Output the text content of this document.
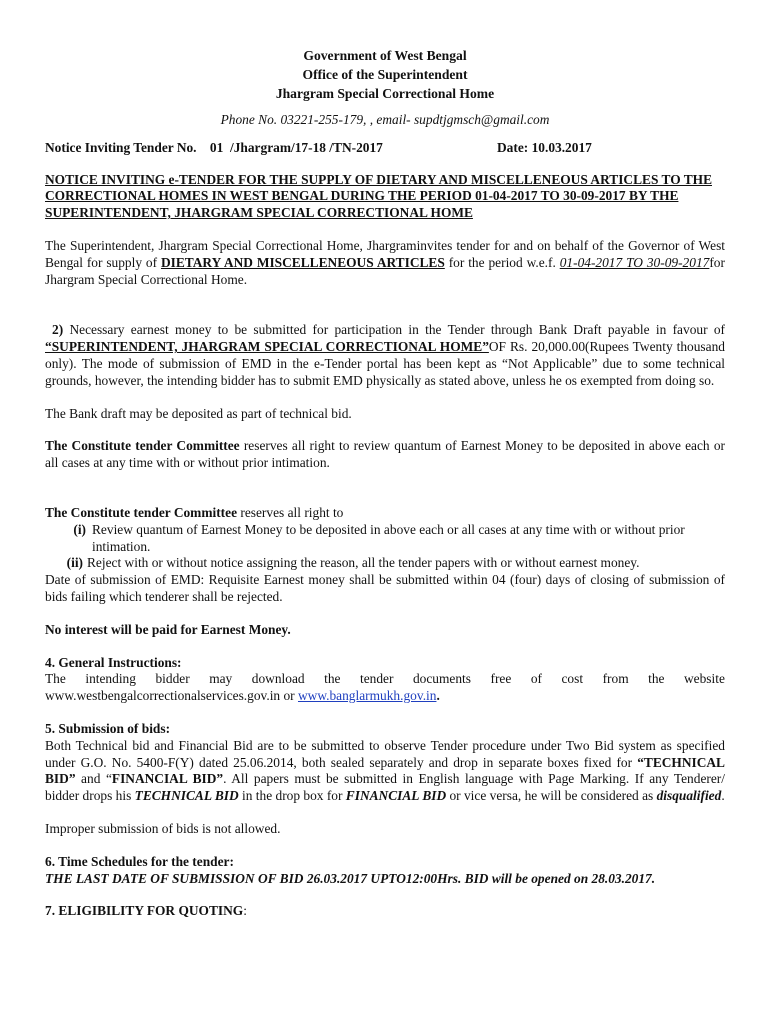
Government of West Bengal

Office of the Superintendent

Jhargram Special Correctional Home

Phone No. 03221-255-179, , email- supdtjgmsch@gmail.com

Notice Inviting Tender No.    01  /Jhargram/17-18 /TN-2017	Date: 10.03.2017

NOTICE INVITING e-TENDER FOR THE SUPPLY OF DIETARY AND MISCELLENEOUS ARTICLES TO THE CORRECTIONAL HOMES IN WEST BENGAL DURING THE PERIOD 01-04-2017 TO 30-09-2017 BY THE SUPERINTENDENT, JHARGRAM SPECIAL CORRECTIONAL HOME

The Superintendent, Jhargram Special Correctional Home, Jhargraminvites tender for and on behalf of the Governor of West Bengal for supply of DIETARY AND MISCELLENEOUS ARTICLES for the period w.e.f. 01-04-2017 TO 30-09-2017for Jhargram Special Correctional Home.

2) Necessary earnest money to be submitted for participation in the Tender through Bank Draft payable in favour of “SUPERINTENDENT, JHARGRAM SPECIAL CORRECTIONAL HOME”OF Rs. 20,000.00(Rupees Twenty thousand only). The mode of submission of EMD in the e-Tender portal has been kept as “Not Applicable” due to some technical grounds, however, the intending bidder has to submit EMD physically as stated above, unless he os exempted from doing so.

The Bank draft may be deposited as part of technical bid.

The Constitute tender Committee reserves all right to review quantum of Earnest Money to be deposited in above each or all cases at any time with or without prior intimation.

The Constitute tender Committee reserves all right to

(i) Review quantum of Earnest Money to be deposited in above each or all cases at any time with or without prior intimation.
(ii) Reject with or without notice assigning the reason, all the tender papers with or without earnest money.

Date of submission of EMD: Requisite Earnest money shall be submitted within 04 (four) days of closing of submission of bids failing which tenderer shall be rejected.

No interest will be paid for Earnest Money.

4. General Instructions:

The intending bidder may download the tender documents free of cost from the website

www.westbengalcorrectionalservices.gov.in or www.banglarmukh.gov.in.

5. Submission of bids:

Both Technical bid and Financial Bid are to be submitted to observe Tender procedure under Two Bid system as specified under G.O. No. 5400-F(Y) dated 25.06.2014, both sealed separately and drop in separate boxes fixed for “TECHNICAL BID” and “FINANCIAL BID”. All papers must be submitted in English language with Page Marking. If any Tenderer/ bidder drops his TECHNICAL BID in the drop box for FINANCIAL BID or vice versa, he will be considered as disqualified.

Improper submission of bids is not allowed.

6. Time Schedules for the tender:

THE LAST DATE OF SUBMISSION OF BID 26.03.2017 UPTO12:00Hrs. BID will be opened on 28.03.2017.

7. ELIGIBILITY FOR QUOTING:
